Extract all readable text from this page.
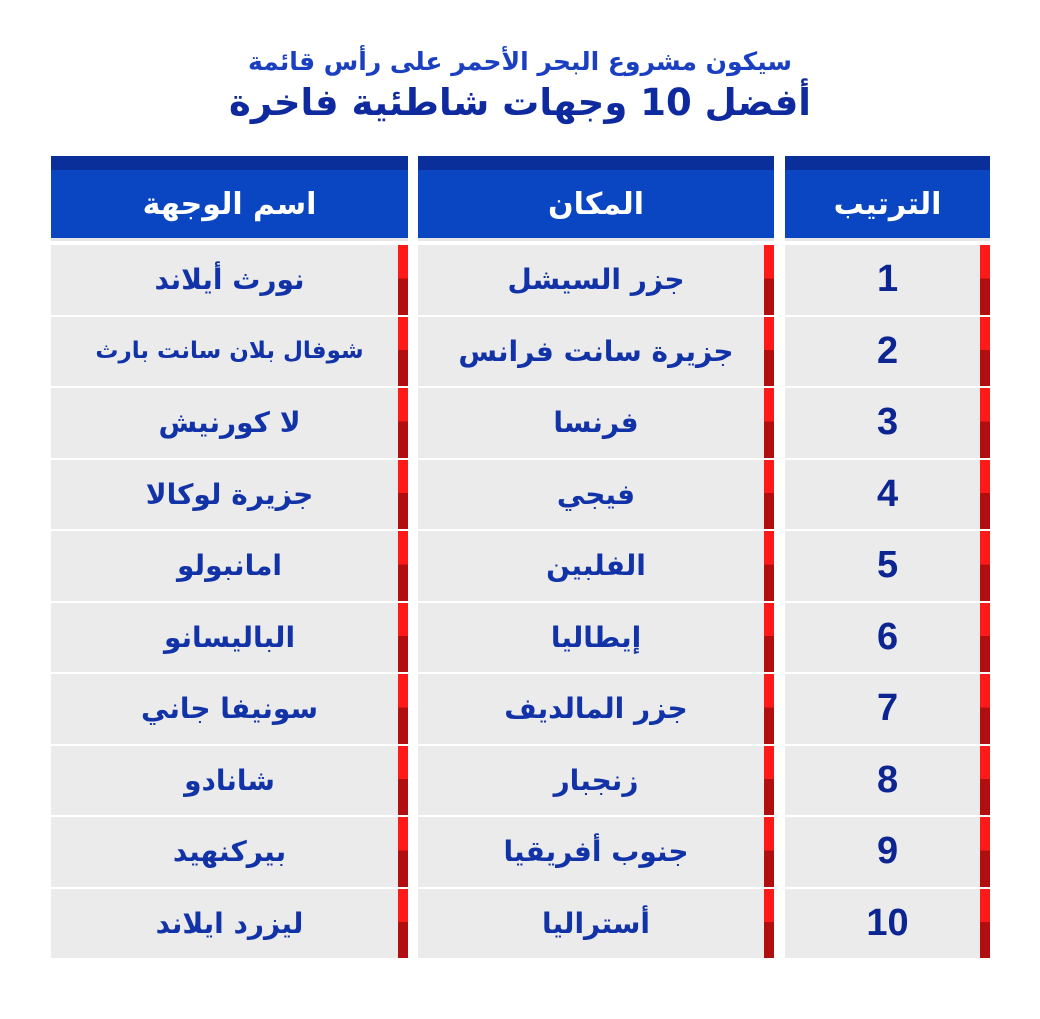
سيكون مشروع البحر الأحمر على رأس قائمة
أفضل 10 وجهات شاطئية فاخرة
الترتيب
1
2
3
4
5
6
7
8
9
10
المكان
جزر السيشل
جزيرة سانت فرانس
فرنسا
فيجي
الفلبين
إيطاليا
جزر المالديف
زنجبار
جنوب أفريقيا
أستراليا
اسم الوجهة
نورث أيلاند
شوفال بلان سانت بارث
لا كورنيش
جزيرة لوكالا
امانبولو
الباليسانو
سونيفا جاني
شانادو
بيركنهيد
ليزرد ايلاند
